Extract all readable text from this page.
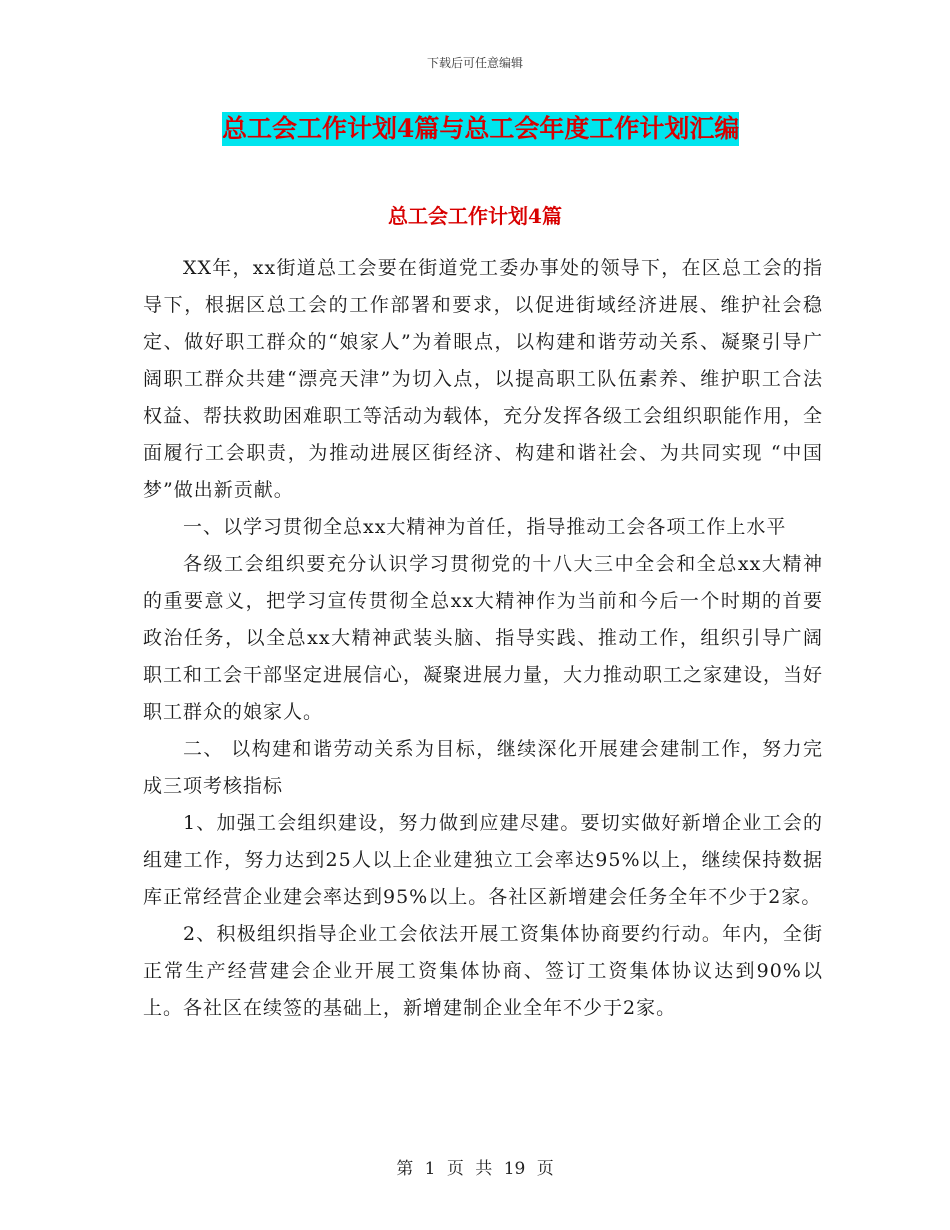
下载后可任意编辑
总工会工作计划4篇与总工会年度工作计划汇编
总工会工作计划4篇

XX年，xx街道总工会要在街道党工委办事处的领导下，在区总工会的指导下，根据区总工会的工作部署和要求，以促进街域经济进展、维护社会稳定、做好职工群众的“娘家人”为着眼点，以构建和谐劳动关系、凝聚引导广阔职工群众共建“漂亮天津”为切入点，以提高职工队伍素养、维护职工合法权益、帮扶救助困难职工等活动为载体，充分发挥各级工会组织职能作用，全面履行工会职责，为推动进展区街经济、构建和谐社会、为共同实现 “中国梦”做出新贡献。

一、以学习贯彻全总xx大精神为首任，指导推动工会各项工作上水平

各级工会组织要充分认识学习贯彻党的十八大三中全会和全总xx大精神的重要意义，把学习宣传贯彻全总xx大精神作为当前和今后一个时期的首要政治任务，以全总xx大精神武装头脑、指导实践、推动工作，组织引导广阔职工和工会干部坚定进展信心，凝聚进展力量，大力推动职工之家建设，当好职工群众的娘家人。

二、 以构建和谐劳动关系为目标，继续深化开展建会建制工作，努力完成三项考核指标

1、加强工会组织建设，努力做到应建尽建。要切实做好新增企业工会的组建工作，努力达到25人以上企业建独立工会率达95%以上，继续保持数据库正常经营企业建会率达到95%以上。各社区新增建会任务全年不少于2家。

2、积极组织指导企业工会依法开展工资集体协商要约行动。年内，全街正常生产经营建会企业开展工资集体协商、签订工资集体协议达到90%以上。各社区在续签的基础上，新增建制企业全年不少于2家。

第 1 页 共 19 页
